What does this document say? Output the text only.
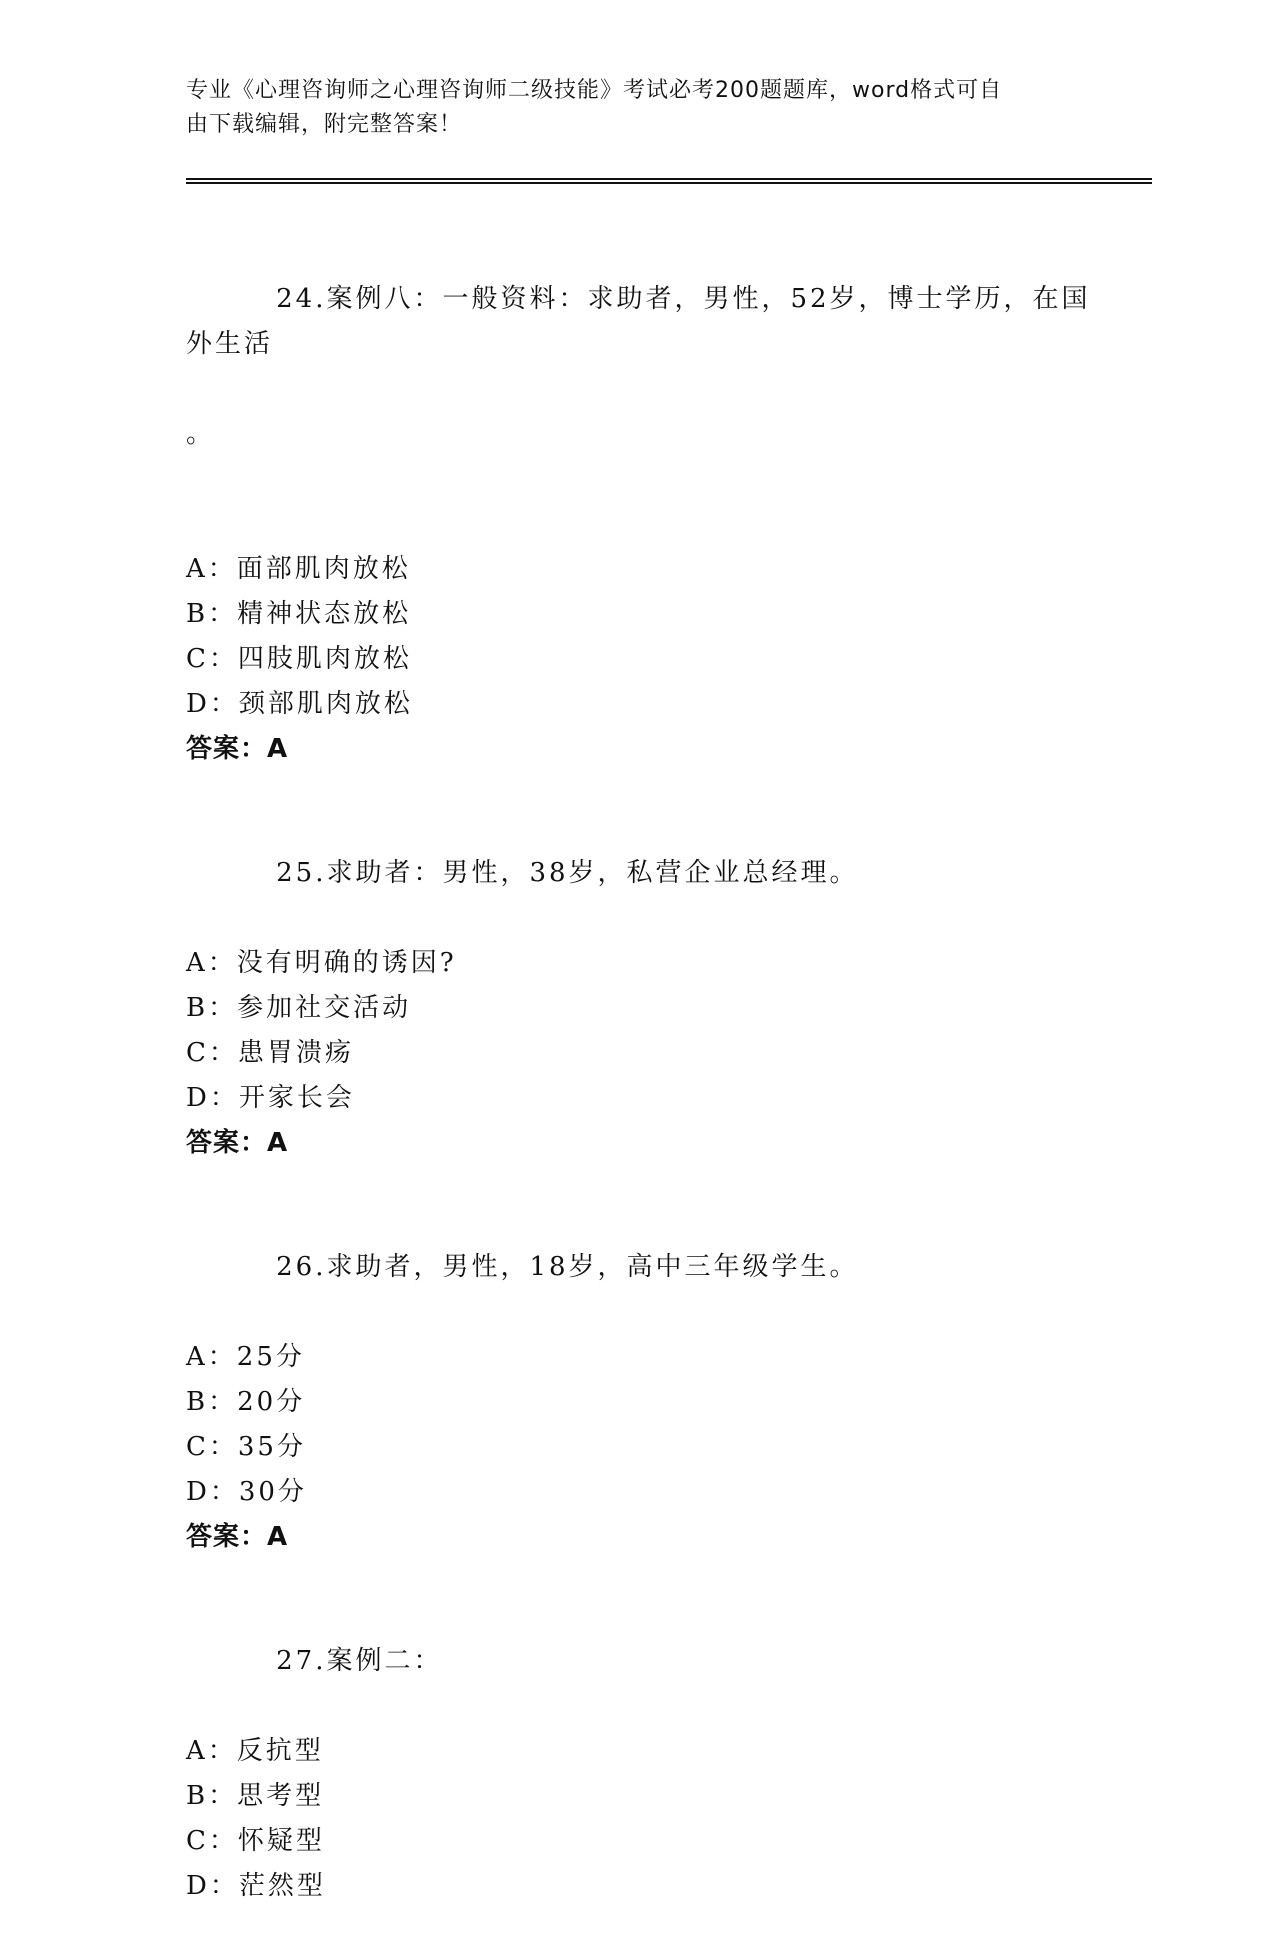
专业《心理咨询师之心理咨询师二级技能》考试必考200题题库，word格式可自
由下载编辑，附完整答案！

24.案例八：一般资料：求助者，男性，52岁，博士学历，在国外生活

。

A：面部肌肉放松
B：精神状态放松
C：四肢肌肉放松
D：颈部肌肉放松
答案：A

25.求助者：男性，38岁，私营企业总经理。

A：没有明确的诱因?
B：参加社交活动
C：患胃溃疡
D：开家长会
答案：A

26.求助者，男性，18岁，高中三年级学生。

A：25分
B：20分
C：35分
D：30分
答案：A

27.案例二：

A：反抗型
B：思考型
C：怀疑型
D：茫然型
